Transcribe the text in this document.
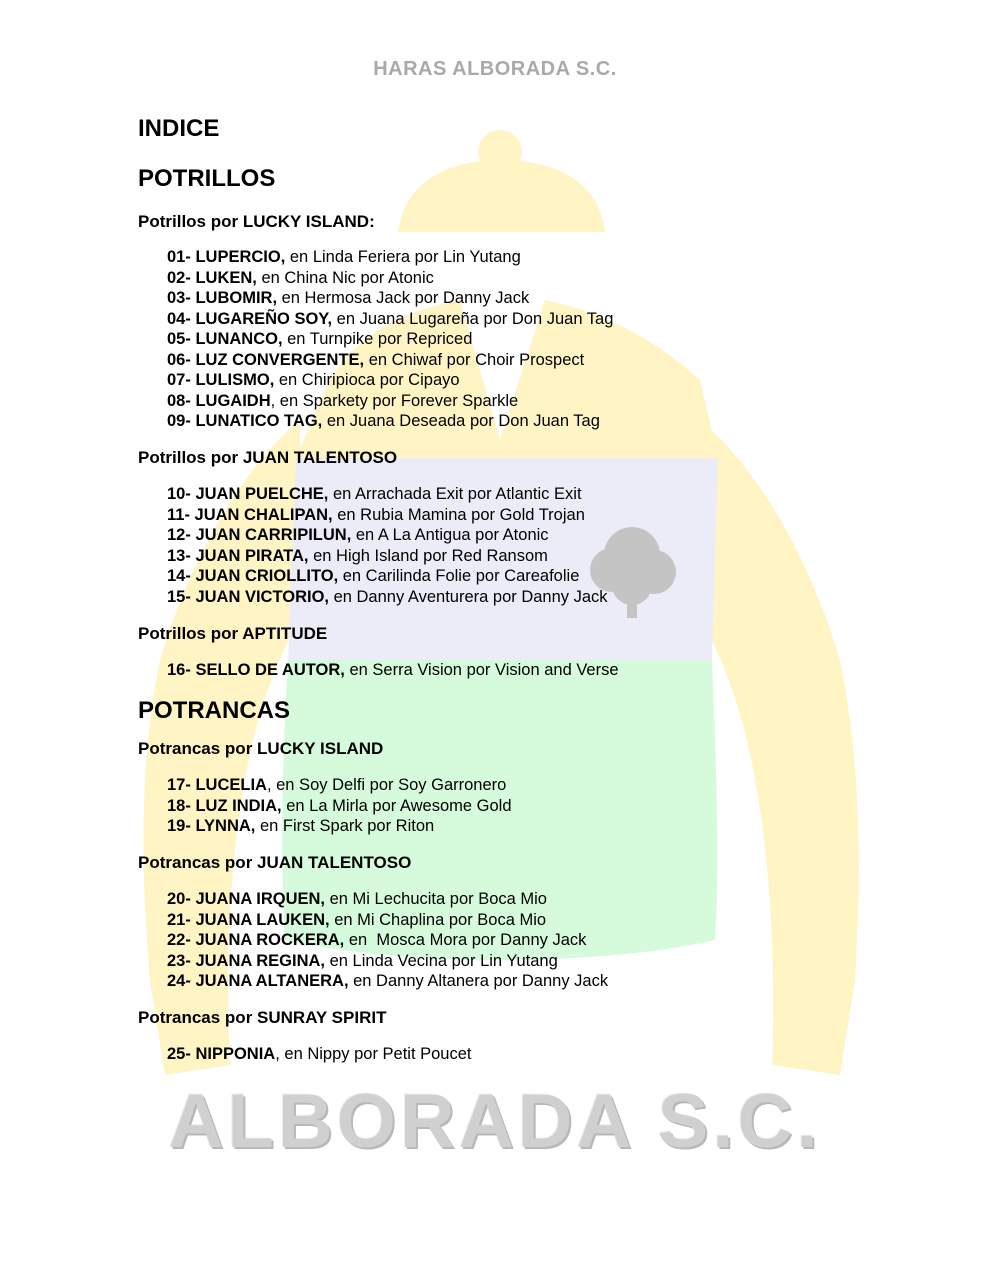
HARAS ALBORADA S.C.
INDICE
POTRILLOS
Potrillos por LUCKY ISLAND:
01- LUPERCIO, en Linda Feriera por Lin Yutang
02- LUKEN, en China Nic por Atonic
03- LUBOMIR, en Hermosa Jack por Danny Jack
04- LUGAREÑO SOY, en Juana Lugareña por Don Juan Tag
05- LUNANCO, en Turnpike por Repriced
06- LUZ CONVERGENTE, en Chiwaf por Choir Prospect
07- LULISMO, en Chiripioca por Cipayo
08- LUGAIDH, en Sparkety por Forever Sparkle
09- LUNATICO TAG, en Juana Deseada por Don Juan Tag
Potrillos por JUAN TALENTOSO
10- JUAN PUELCHE, en Arrachada Exit por Atlantic Exit
11- JUAN CHALIPAN, en Rubia Mamina por Gold Trojan
12- JUAN CARRIPILUN, en A La Antigua por Atonic
13- JUAN PIRATA, en High Island por Red Ransom
14- JUAN CRIOLLITO, en Carilinda Folie por Careafolie
15- JUAN VICTORIO, en Danny Aventurera por Danny Jack
Potrillos por APTITUDE
16- SELLO DE AUTOR, en Serra Vision por Vision and Verse
POTRANCAS
Potrancas por LUCKY ISLAND
17- LUCELIA, en Soy Delfi por Soy Garronero
18- LUZ INDIA, en La Mirla por Awesome Gold
19- LYNNA, en First Spark por Riton
Potrancas por JUAN TALENTOSO
20- JUANA IRQUEN, en Mi Lechucita por Boca Mio
21- JUANA LAUKEN, en Mi Chaplina por Boca Mio
22- JUANA ROCKERA, en  Mosca Mora por Danny Jack
23- JUANA REGINA, en Linda Vecina por Lin Yutang
24- JUANA ALTANERA, en Danny Altanera por Danny Jack
Potrancas por SUNRAY SPIRIT
25- NIPPONIA, en Nippy por Petit Poucet
ALBORADA S.C.
